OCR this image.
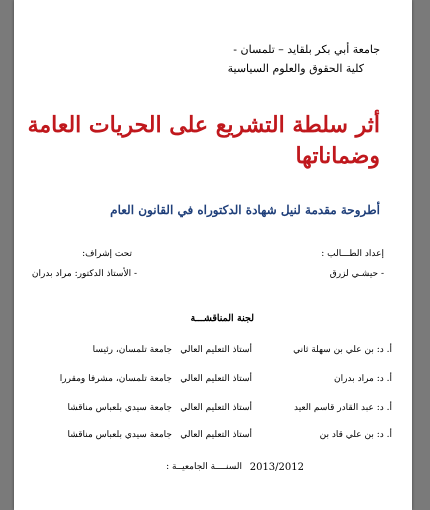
جامعة أبي بكر بلقايد – تلمسان -
كلية الحقوق والعلوم السياسية
أثر سلطة التشريع على الحريات العامة
وضماناتها
أطروحة مقدمة لنيل شهادة الدكتوراه في القانون العام
إعداد الطـــالب :
- حيشـي لزرق
تحت إشراف:
- الأستاذ الدكتور: مراد بدران
لجنة المناقشـــة
أ. د: بن علي بن سهلة ثاني
أستاذ التعليم العالي
جامعة تلمسان، رئيسا
أ. د: مراد بدران
أستاذ التعليم العالي
جامعة تلمسان، مشرفا ومقررا
أ. د: عبد القادر قاسم العيد
أستاذ التعليم العالي
جامعة سيدي بلعباس مناقشا
أ. د: بن علي قاد بن
أستاذ التعليم العالي
جامعة سيدي بلعباس مناقشا
السنــــة الجامعيــة : 2013/2012
